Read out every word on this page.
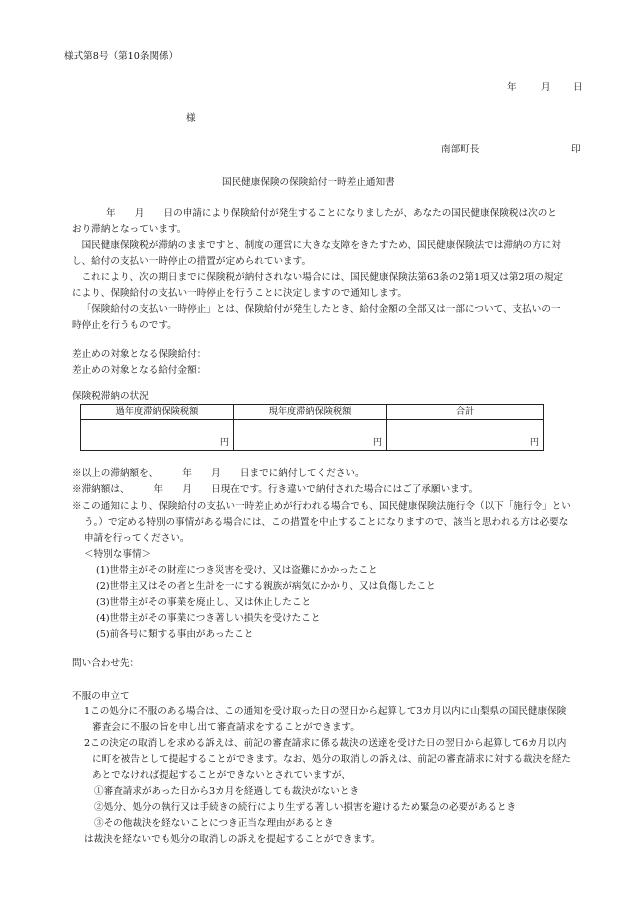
様式第8号（第10条関係）
年	月 日
様
南部町長	印
国民健康保険の保険給付一時差止通知書
年　　月　　日の申請により保険給付が発生することになりましたが、あなたの国民健康保険税は次のとおり滞納となっています。
国民健康保険税が滞納のままですと、制度の運営に大きな支障をきたすため、国民健康保険法では滞納の方に対し、給付の支払い一時停止の措置が定められています。
これにより、次の期日までに保険税が納付されない場合には、国民健康保険法第63条の2第1項又は第2項の規定により、保険給付の支払い一時停止を行うことに決定しますので通知します。
「保険給付の支払い一時停止」とは、保険給付が発生したとき、給付金額の全部又は一部について、支払いの一時停止を行うものです。
差止めの対象となる保険給付：
差止めの対象となる給付金額：
保険税滞納の状況
過年度滞納保険税額	現年度滞納保険税額	合計
円	円	円
※以上の滞納額を、　　　年　　月　　日までに納付してください。
※滞納額は、　　　年　　月　　日現在です。行き違いで納付された場合にはご了承願います。
※この通知により、保険給付の支払い一時差止めが行われる場合でも、国民健康保険法施行令（以下「施行令」という。）で定める特別の事情がある場合には、この措置を中止することになりますので、該当と思われる方は必要な申請を行ってください。
＜特別な事情＞
(1)世帯主がその財産につき災害を受け、又は盗難にかかったこと
(2)世帯主又はその者と生計を一にする親族が病気にかかり、又は負傷したこと
(3)世帯主がその事業を廃止し、又は休止したこと
(4)世帯主がその事業につき著しい損失を受けたこと
(5)前各号に類する事由があったこと
問い合わせ先：
不服の申立て
1この処分に不服のある場合は、この通知を受け取った日の翌日から起算して3カ月以内に山梨県の国民健康保険審査会に不服の旨を申し出て審査請求をすることができます。
2この決定の取消しを求める訴えは、前記の審査請求に係る裁決の送達を受けた日の翌日から起算して6カ月以内に町を被告として提起することができます。なお、処分の取消しの訴えは、前記の審査請求に対する裁決を経たあとでなければ提起することができないとされていますが、
①審査請求があった日から3カ月を経過しても裁決がないとき
②処分、処分の執行又は手続きの続行により生ずる著しい損害を避けるため緊急の必要があるとき
③その他裁決を経ないことにつき正当な理由があるとき
は裁決を経ないでも処分の取消しの訴えを提起することができます。
